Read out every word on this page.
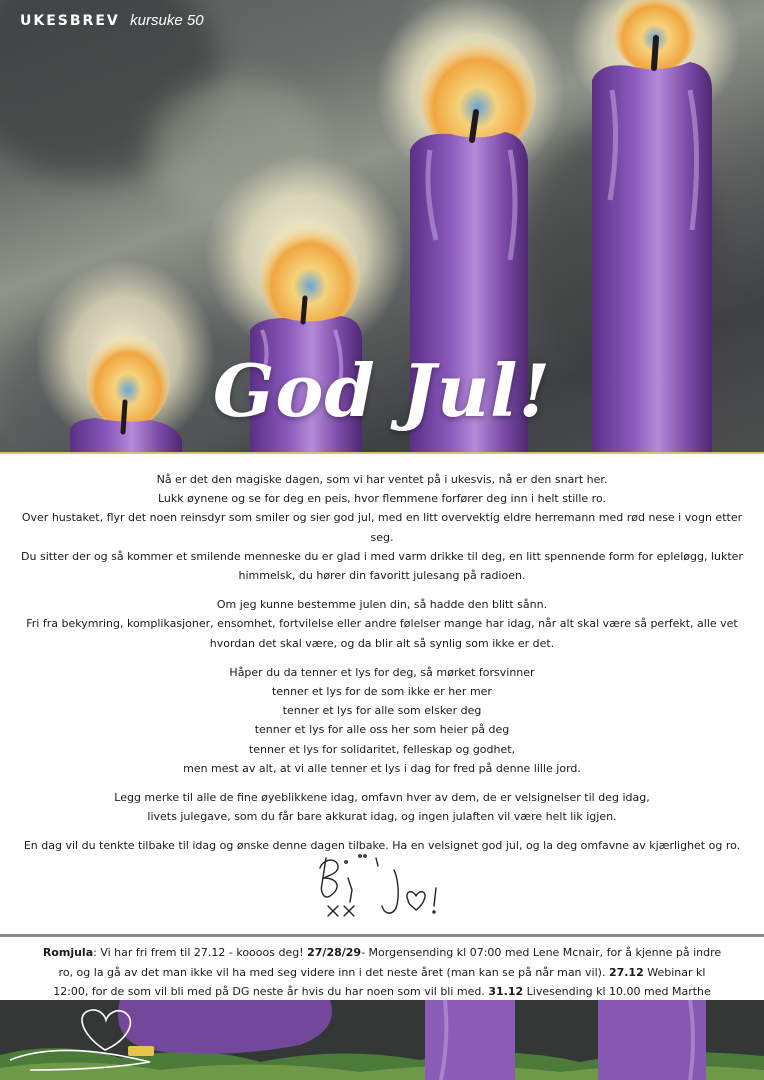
UKESBREV kursuke 50
God Jul!

Nå er det den magiske dagen, som vi har ventet på i ukesvis, nå er den snart her.
Lukk øynene og se for deg en peis, hvor flemmene forfører deg inn i helt stille ro.
Over hustaket, flyr det noen reinsdyr som smiler og sier god jul, med en litt overvektig eldre herremann med rød nese i vogn etter seg.
Du sitter der og så kommer et smilende menneske du er glad i med varm drikke til deg, en litt spennende form for epleløgg, lukter
himmelsk, du hører din favoritt julesang på radioen.

Om jeg kunne bestemme julen din, så hadde den blitt sånn.
Fri fra bekymring, komplikasjoner, ensomhet, fortvilelse eller andre følelser mange har idag, når alt skal være så perfekt, alle vet
hvordan det skal være, og da blir alt så synlig som ikke er det.

Håper du da tenner et lys for deg, så mørket forsvinner
tenner et lys for de som ikke er her mer
tenner et lys for alle som elsker deg
tenner et lys for alle oss her som heier på deg
tenner et lys for solidaritet, felleskap og godhet,
men mest av alt, at vi alle tenner et lys i dag for fred på denne lille jord.

Legg merke til alle de fine øyeblikkene idag, omfavn hver av dem, de er velsignelser til deg idag,
livets julegave, som du får bare akkurat idag, og ingen julaften vil være helt lik igjen.

En dag vil du tenkte tilbake til idag og ønske denne dagen tilbake. Ha en velsignet god jul, og la deg omfavne av kjærlighet og ro.

Romjula: Vi har fri frem til 27.12 - koooos deg! 27/28/29- Morgensending kl 07:00 med Lene Mcnair, for å kjenne på indre ro, og la gå av det man ikke vil ha med seg videre inn i det neste året (man kan se på når man vil). 27.12 Webinar kl 12:00, for de som vil bli med på DG neste år hvis du har noen som vil bli med. 31.12 Livesending kl 10.00 med Marthe
